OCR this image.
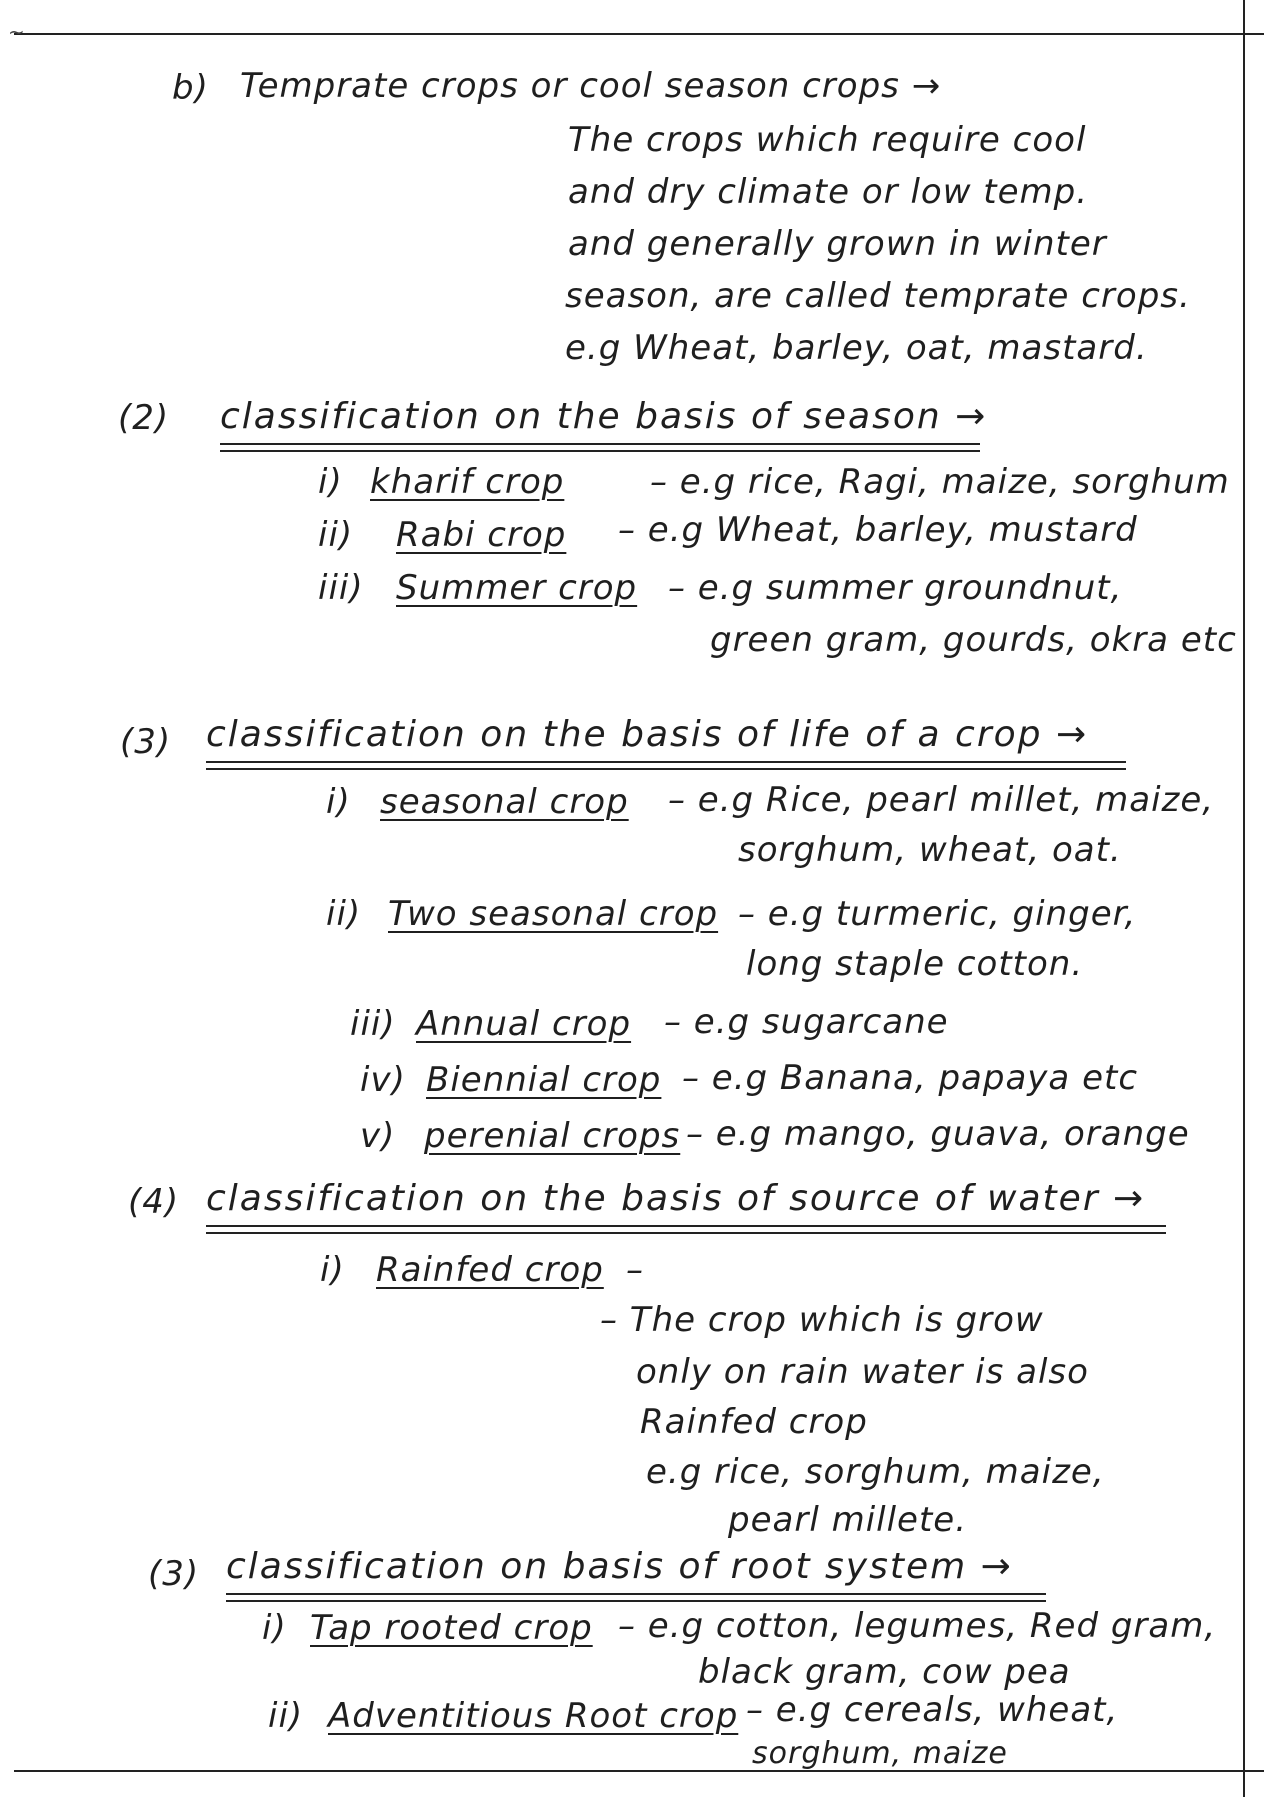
~
b) Temprate crops or cool season crops →
The crops which require cool
and dry climate or low temp.
and generally grown in winter
season, are called temprate crops.
e.g Wheat, barley, oat, mastard.
(2) classification on the basis of season →
i) kharif crop	– e.g rice, Ragi, maize, sorghum
ii) Rabi crop – e.g Wheat, barley, mustard
iii) Summer crop – e.g summer groundnut,
green gram, gourds, okra etc
(3) classification on the basis of life of a crop →
i) seasonal crop – e.g Rice, pearl millet, maize,
sorghum, wheat, oat.
ii) Two seasonal crop – e.g turmeric, ginger,
long staple cotton.
iii) Annual crop – e.g sugarcane
iv) Biennial crop – e.g Banana, papaya etc
v) perenial crops – e.g mango, guava, orange
(4) classification on the basis of source of water →
i) Rainfed crop –
– The crop which is grow
only on rain water is also
Rainfed crop
e.g rice, sorghum, maize,
pearl millete.
(3) classification on basis of root system →
i) Tap rooted crop – e.g cotton, legumes, Red gram,
black gram, cow pea
ii) Adventitious Root crop – e.g cereals, wheat,
sorghum, maize
